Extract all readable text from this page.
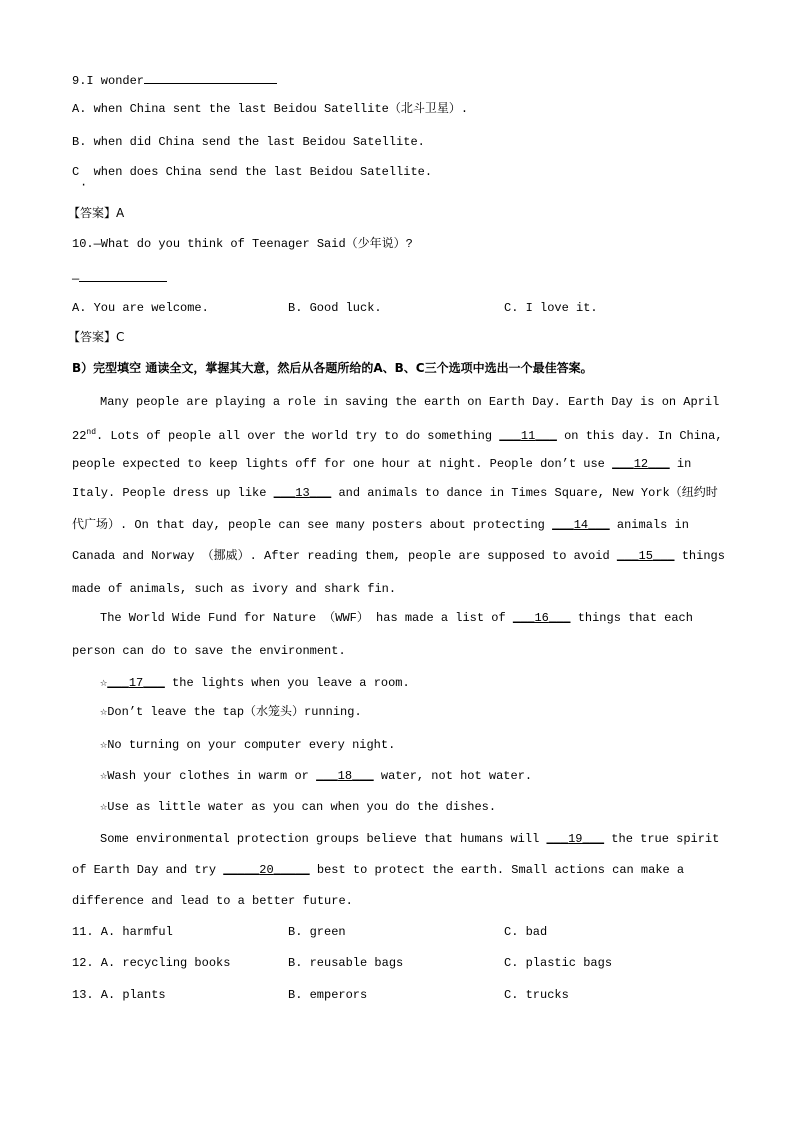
9.I wonder
A. when China sent the last Beidou Satellite（北斗卫星）.
B. when did China send the last Beidou Satellite.
C  when does China send the last Beidou Satellite.
·
【答案】A
10.—What do you think of Teenager Said（少年说）?
—
A. You are welcome.	B. Good luck.	C. I love it.
【答案】C
B）完型填空 通读全文，掌握其大意，然后从各题所给的A、B、C三个选项中选出一个最佳答案。
Many people are playing a role in saving the earth on Earth Day. Earth Day is on April
22nd. Lots of people all over the world try to do something ___11___ on this day. In China,
people expected to keep lights off for one hour at night. People don’t use ___12___ in
Italy. People dress up like ___13___ and animals to dance in Times Square, New York（纽约时
代广场）. On that day, people can see many posters about protecting ___14___ animals in
Canada and Norway （挪威）. After reading them, people are supposed to avoid ___15___ things
made of animals, such as ivory and shark fin.
The World Wide Fund for Nature （WWF） has made a list of ___16___ things that each
person can do to save the environment.
☆___17___ the lights when you leave a room.
☆Don’t leave the tap（水笼头）running.
☆No turning on your computer every night.
☆Wash your clothes in warm or ___18___ water, not hot water.
☆Use as little water as you can when you do the dishes.
Some environmental protection groups believe that humans will ___19___ the true spirit
of Earth Day and try _____20_____ best to protect the earth. Small actions can make a
difference and lead to a better future.
11. A. harmful	B. green	C. bad
12. A. recycling books	B. reusable bags	C. plastic bags
13. A. plants	B. emperors	C. trucks
